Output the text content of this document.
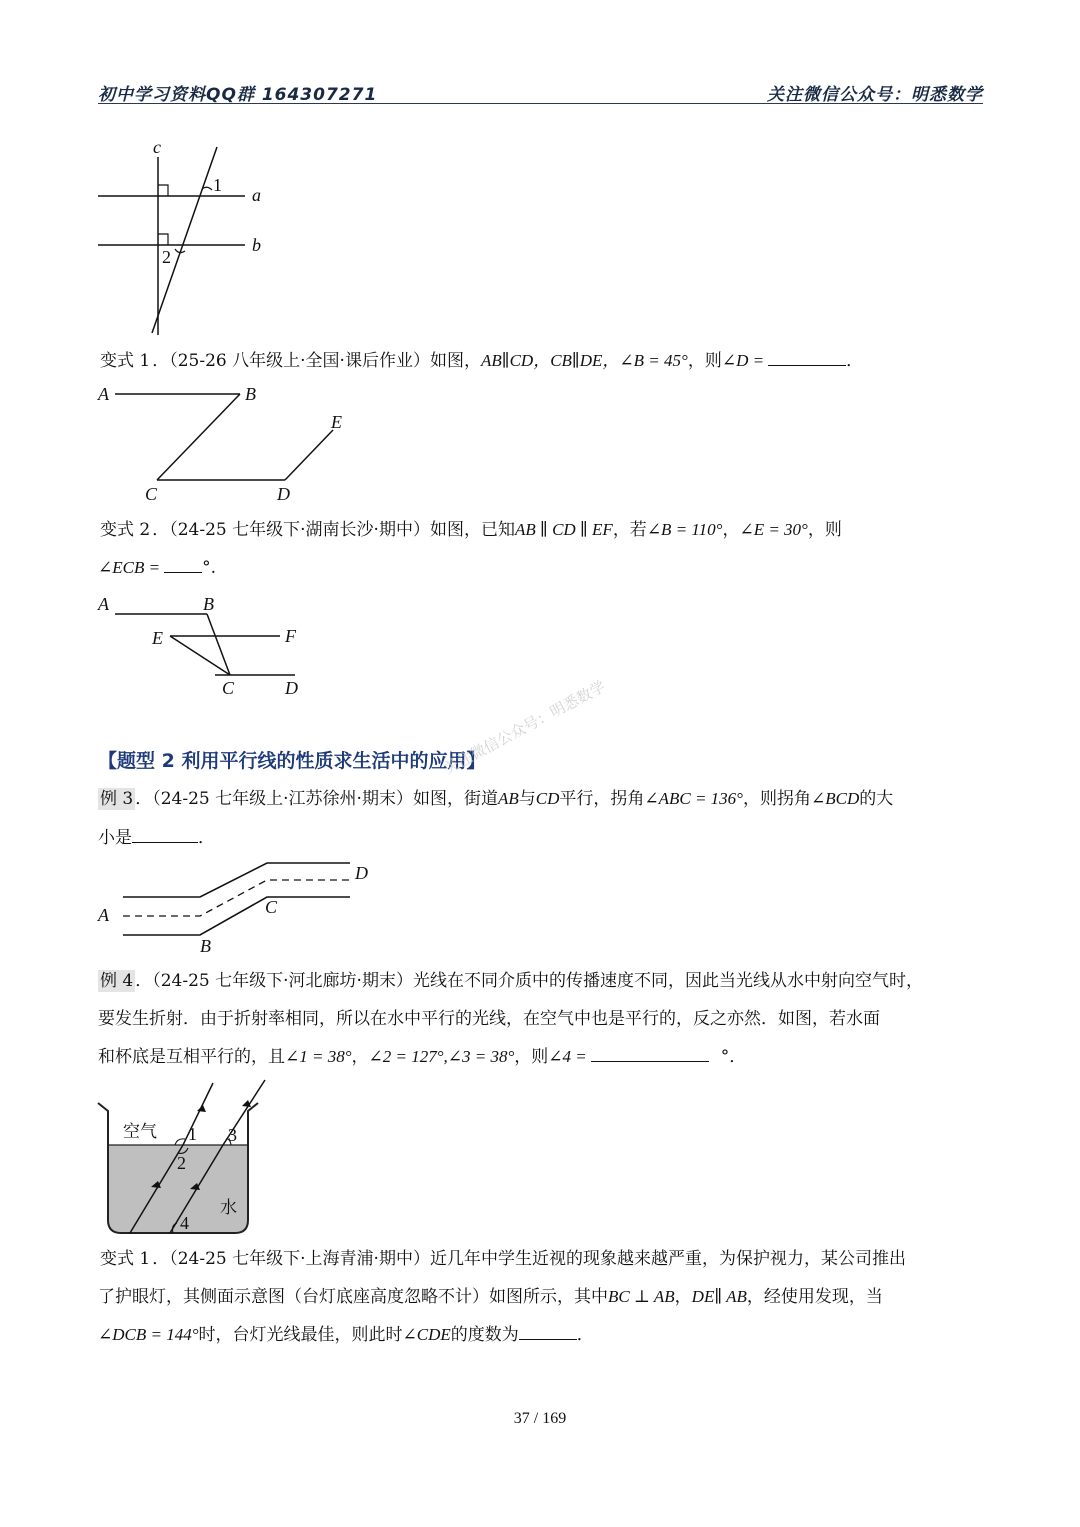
初中学习资料QQ群 164307271	关注微信公众号：明悉数学
c
a
b
1
2
变式 1 ．（25-26 八年级上·全国·课后作业）如图，AB∥CD，CB∥DE，∠B = 45°，则∠D =	．
A	B
E
C	D
变式 2 ．（24-25 七年级下·湖南长沙·期中）如图，已知AB ∥ CD ∥ EF，若∠B = 110°，∠E = 30°，则
∠ECB = °.
A	B
E	F
C	D
【题型 2 利用平行线的性质求生活中的应用】
关注微信公众号：明悉数学
例 3 ．（24-25 七年级上·江苏徐州·期末）如图，街道AB与CD平行，拐角∠ABC = 136°，则拐角∠BCD的大
小是	．
A
B
C
D
例 4 ．（24-25 七年级下·河北廊坊·期末）光线在不同介质中的传播速度不同，因此当光线从水中射向空气时，
要发生折射．由于折射率相同，所以在水中平行的光线，在空气中也是平行的，反之亦然．如图，若水面
和杯底是互相平行的，且∠1 = 38°，∠2 = 127°,∠3 = 38°，则∠4 =	°．
空气
水
1
2
3
4
变式 1 ．（24-25 七年级下·上海青浦·期中）近几年中学生近视的现象越来越严重，为保护视力，某公司推出
了护眼灯，其侧面示意图（台灯底座高度忽略不计）如图所示，其中BC ⊥ AB，DE∥ AB，经使用发现，当
∠DCB = 144°时，台灯光线最佳，则此时∠CDE的度数为	．
37 / 169
